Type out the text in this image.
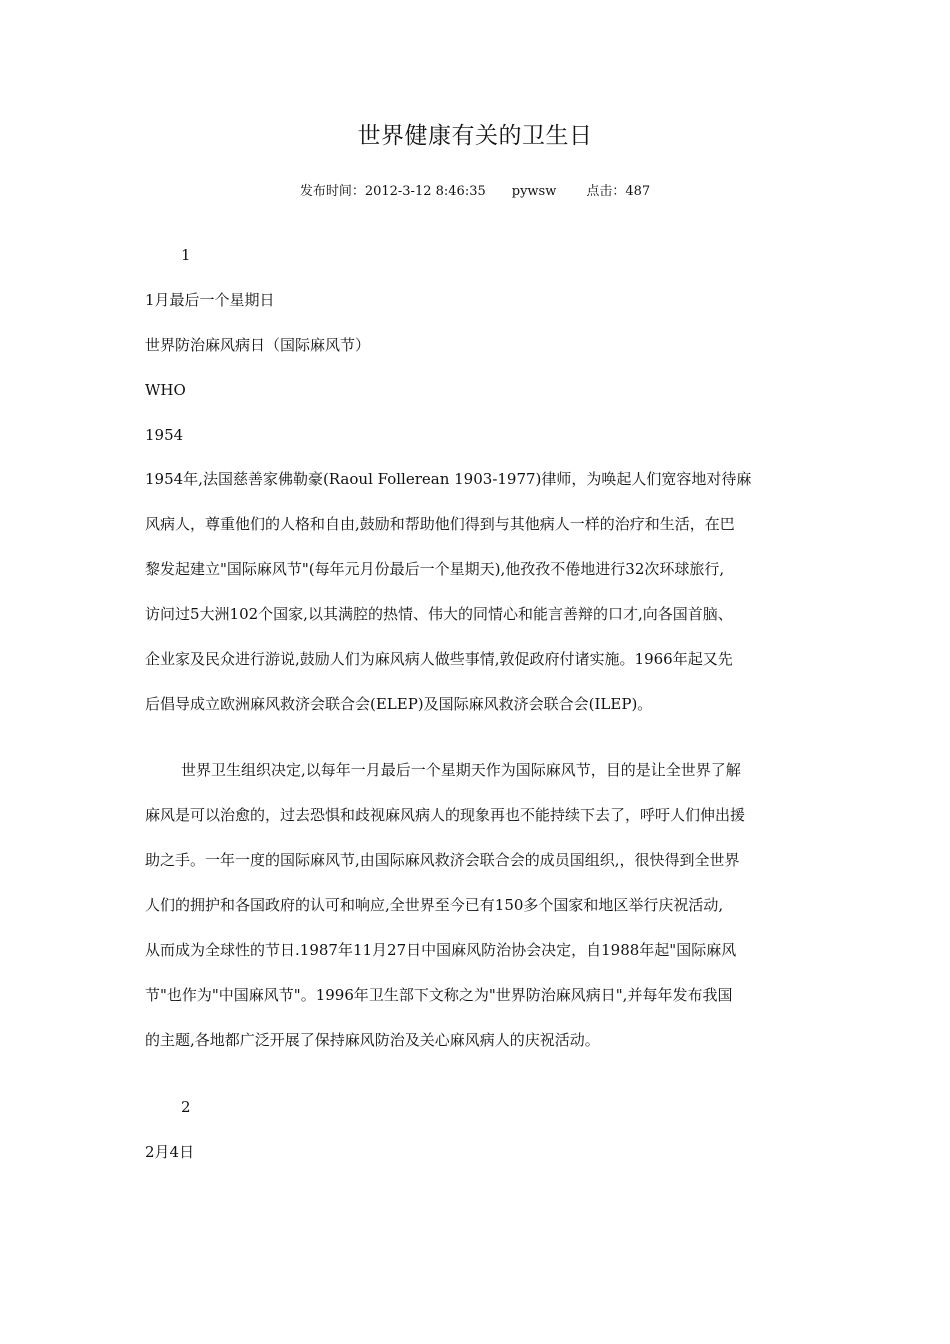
世界健康有关的卫生日
发布时间：2012-3-12 8:46:35 pywsw 点击：487
1
1月最后一个星期日
世界防治麻风病日（国际麻风节）
WHO
1954
1954年,法国慈善家佛勒豪(Raoul Follerean 1903-1977)律师，为唤起人们宽容地对待麻
风病人，尊重他们的人格和自由,鼓励和帮助他们得到与其他病人一样的治疗和生活，在巴
黎发起建立"国际麻风节"(每年元月份最后一个星期天),他孜孜不倦地进行32次环球旅行,
访问过5大洲102个国家,以其满腔的热情、伟大的同情心和能言善辩的口才,向各国首脑、
企业家及民众进行游说,鼓励人们为麻风病人做些事情,敦促政府付诸实施。1966年起又先
后倡导成立欧洲麻风救济会联合会(ELEP)及国际麻风救济会联合会(ILEP)。
世界卫生组织决定,以每年一月最后一个星期天作为国际麻风节，目的是让全世界了解
麻风是可以治愈的，过去恐惧和歧视麻风病人的现象再也不能持续下去了，呼吁人们伸出援
助之手。一年一度的国际麻风节,由国际麻风救济会联合会的成员国组织,，很快得到全世界
人们的拥护和各国政府的认可和响应,全世界至今已有150多个国家和地区举行庆祝活动,
从而成为全球性的节日.1987年11月27日中国麻风防治协会决定，自1988年起"国际麻风
节"也作为"中国麻风节"。1996年卫生部下文称之为"世界防治麻风病日",并每年发布我国
的主题,各地都广泛开展了保持麻风防治及关心麻风病人的庆祝活动。
2
2月4日
